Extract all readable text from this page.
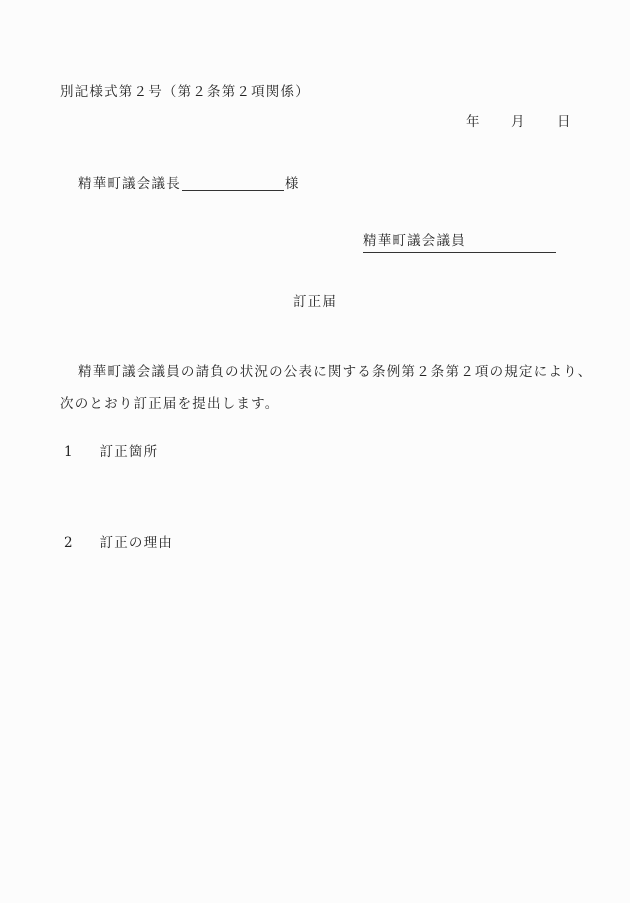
別記様式第２号（第２条第２項関係）
年 月 日
精華町議会議長	様
精華町議会議員
訂正届
精華町議会議員の請負の状況の公表に関する条例第２条第２項の規定により、
次のとおり訂正届を提出します。
1 訂正箇所
2 訂正の理由
